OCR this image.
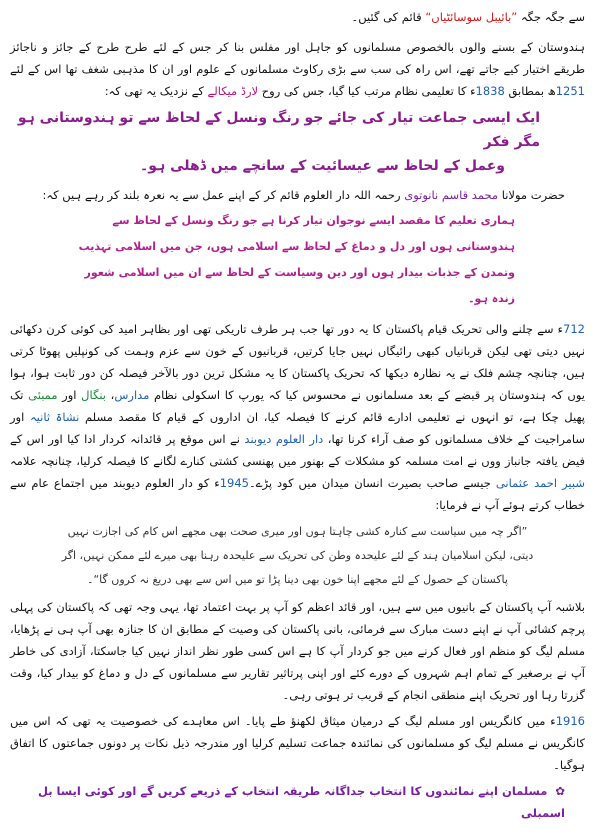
سے جگہ جگہ ”بائیبل سوسائٹیاں“ قائم کی گئیں۔

ہندوستان کے بسنے والوں بالخصوص مسلمانوں کو جاہل اور مفلس بنا کر جس کے لئے طرح طرح کے جائز و ناجائز طریقے اختیار کیے جاتے تھے، اس راہ کی سب سے بڑی رکاوٹ مسلمانوں کے علوم اور ان کا مذہبی شغف تھا اس کے لئے 1251ھ بمطابق 1838ء کا تعلیمی نظام مرتب کیا گیا، جس کی روح لارڈ میکالے کے نزدیک یہ تھی کہ:

ایک ایسی جماعت تیار کی جائے جو رنگ ونسل کے لحاظ سے تو ہندوستانی ہو مگر فکر

وعمل کے لحاظ سے عیسائیت کے سانچے میں ڈھلی ہو۔

حضرت مولانا محمد قاسم نانوتوی رحمہ اللہ دار العلوم قائم کر کے اپنے عمل سے یہ نعرہ بلند کر رہے ہیں کہ:

ہماری تعلیم کا مقصد ایسے نوجوان تیار کرنا ہے جو رنگ ونسل کے لحاظ سے

ہندوستانی ہوں اور دل و دماغ کے لحاظ سے اسلامی ہوں، جن میں اسلامی تہذیب

وتمدن کے جذبات بیدار ہوں اور دین وسیاست کے لحاظ سے ان میں اسلامی شعور

زندہ ہو۔

712ء سے چلنے والی تحریک قیام پاکستان کا یہ دور تھا جب ہر طرف تاریکی تھی اور بظاہر امید کی کوئی کرن دکھائی نہیں دیتی تھی لیکن قربانیاں کبھی رائیگاں نہیں جایا کرتیں، قربانیوں کے خون سے عزم وہمت کی کونپلیں پھوٹا کرتی ہیں، چنانچہ چشم فلک نے یہ نظارہ دیکھا کہ تحریک پاکستان کا یہ مشکل ترین دور بالآخر فیصلہ کن دور ثابت ہوا، ہوا یوں کہ ہندوستان پر قبضے کے بعد مسلمانوں نے محسوس کیا کہ یورپ کا اسکولی نظام مدارس، بنگال اور ممبئی تک پھیل چکا ہے، تو انہوں نے تعلیمی ادارے قائم کرنے کا فیصلہ کیا، ان اداروں کے قیام کا مقصد مسلم نشاۃ ثانیہ اور سامراجیت کے خلاف مسلمانوں کو صف آراء کرنا تھا، دار العلوم دیوبند نے اس موقع پر قائدانہ کردار ادا کیا اور اس کے فیض یافتہ جانباز ووں نے امت مسلمہ کو مشکلات کے بھنور میں پھنسی کشتی کنارے لگانے کا فیصلہ کرلیا، چنانچہ علامہ شبیر احمد عثمانی جیسے صاحب بصیرت انسان میدان میں کود پڑے۔1945ء کو دار العلوم دیوبند میں اجتماع عام سے خطاب کرتے ہوئے آپ نے فرمایا:

”اگر چہ میں سیاست سے کنارہ کشی چاہتا ہوں اور میری صحت بھی مجھے اس کام کی اجازت نہیں

دیتی، لیکن اسلامیان ہند کے لئے علیحدہ وطن کی تحریک سے علیحدہ رہنا بھی میرے لئے ممکن نہیں، اگر

پاکستان کے حصول کے لئے مجھے اپنا خون بھی دینا پڑا تو میں اس سے بھی دریغ نہ کروں گا“۔

بلاشبہ آپ پاکستان کے بانیوں میں سے ہیں، اور قائد اعظم کو آپ پر بہت اعتماد تھا، یہی وجہ تھی کہ پاکستان کی پہلی پرچم کشائی آپ نے اپنے دست مبارک سے فرمائی، بانی پاکستان کی وصیت کے مطابق ان کا جنازہ بھی آپ ہی نے پڑھایا، مسلم لیگ کو منظم اور فعال کرنے میں جو کردار آپ کا ہے اس کسی طور نظر انداز نہیں کیا جاسکتا، آزادی کی خاطر آپ نے برصغیر کے تمام اہم شہروں کے دورے کئے اور اپنی پرتاثیر تقاریر سے مسلمانوں کے دل و دماغ کو بیدار کیا، وقت گزرتا رہا اور تحریک اپنے منطقی انجام کے قریب تر ہوتی رہی۔

1916ء میں کانگریس اور مسلم لیگ کے درمیان میثاق لکھنؤ طے پایا۔ اس معاہدے کی خصوصیت یہ تھی کہ اس میں کانگریس نے مسلم لیگ کو مسلمانوں کی نمائندہ جماعت تسلیم کرلیا اور مندرجہ ذیل نکات پر دونوں جماعتوں کا اتفاق ہوگیا۔

✿مسلمان اپنے نمائندوں کا انتخاب جداگانہ طریقہ انتخاب کے ذریعے کریں گے اور کوئی ایسا بل اسمبلی
